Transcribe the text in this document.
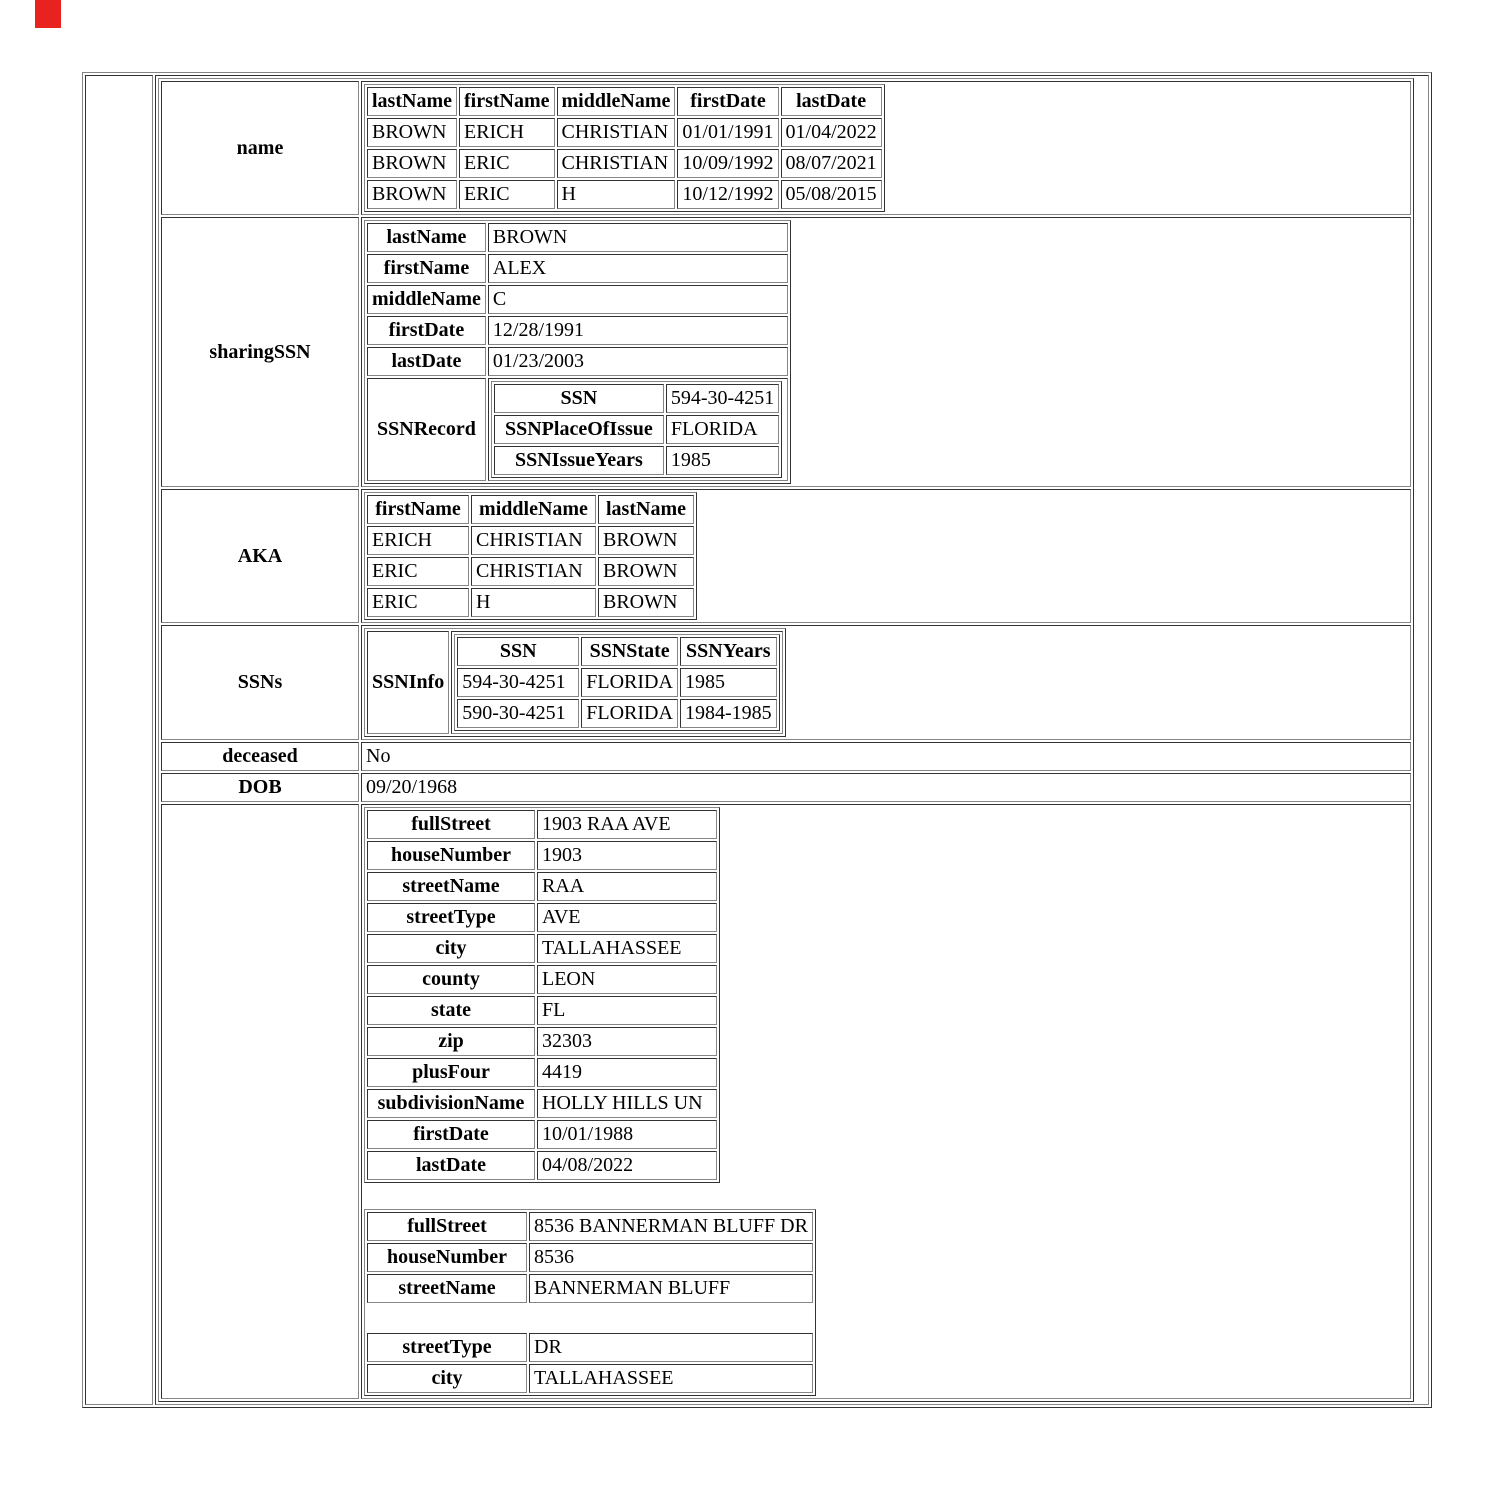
name	
lastName	firstName	middleName	firstDate	lastDate
BROWN	ERICH	CHRISTIAN	01/01/1991	01/04/2022
BROWN	ERIC	CHRISTIAN	10/09/1992	08/07/2021
BROWN	ERIC	H	10/12/1992	05/08/2015

sharingSSN	
lastName	BROWN
firstName	ALEX
middleName	C
firstDate	12/28/1991
lastDate	01/23/2003
SSNRecord	
SSN	594-30-4251
SSNPlaceOfIssue	FLORIDA
SSNIssueYears	1985

AKA	
firstName	middleName	lastName
ERICH	CHRISTIAN	BROWN
ERIC	CHRISTIAN	BROWN
ERIC	H	BROWN

SSNs		SSNInfo	
SSN	SSNState	SSNYears
594-30-4251	FLORIDA	1985
590-30-4251	FLORIDA	1984-1985

deceased	No
DOB	09/20/1968

fullStreet	1903 RAA AVE
houseNumber	1903
streetName	RAA
streetType	AVE
city	TALLAHASSEE
county	LEON
state	FL
zip	32303
plusFour	4419
subdivisionName	HOLLY HILLS UN
firstDate	10/01/1988
lastDate	04/08/2022
fullStreet	8536 BANNERMAN BLUFF DR
houseNumber	8536
streetName	BANNERMAN BLUFF

streetType	DR
city	TALLAHASSEE
